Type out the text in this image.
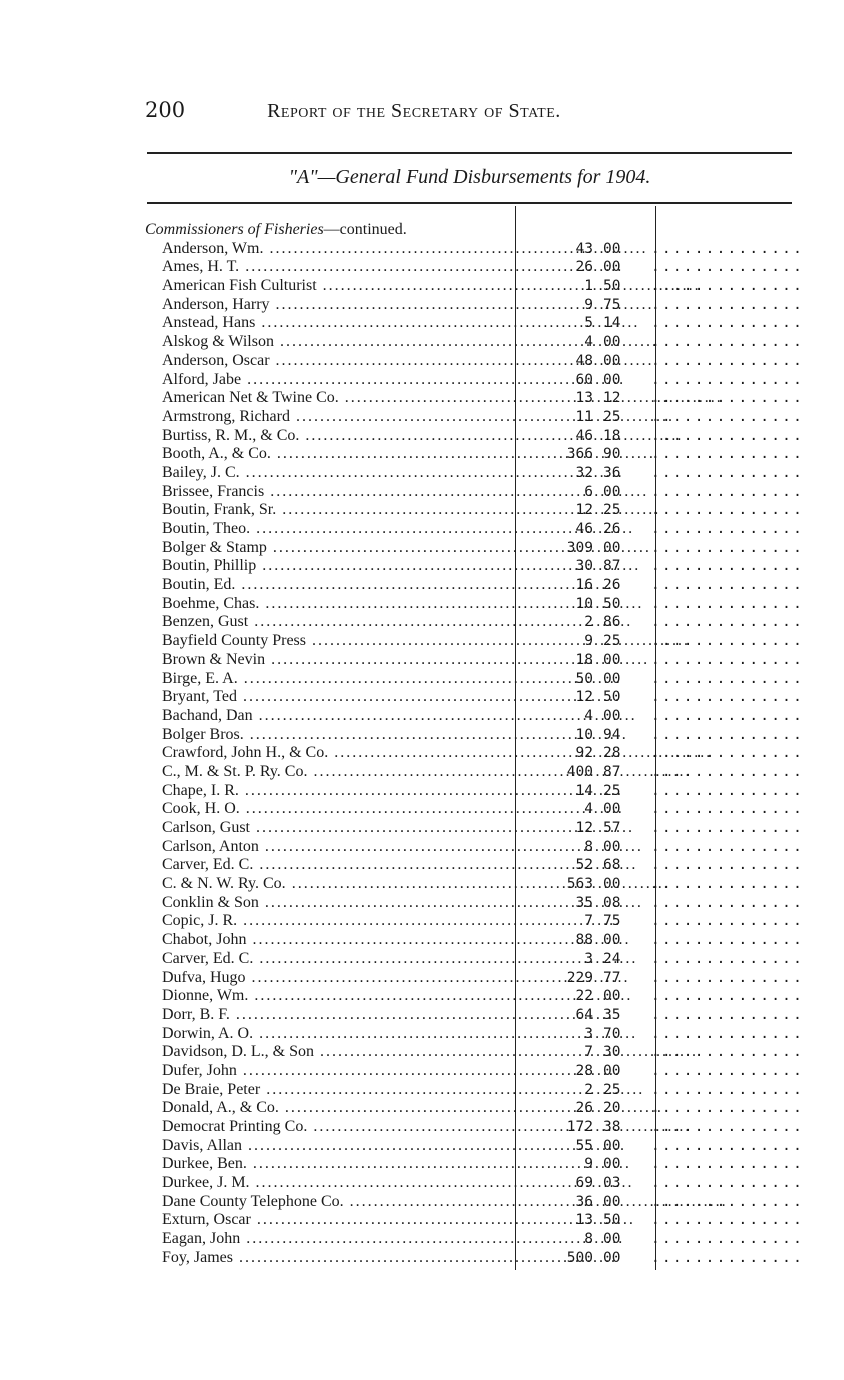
200	Report of the Secretary of State.
"A"—General Fund Disbursements for 1904.
Commissioners of Fisheries—continued.
Anderson, Wm. .....	43 00	..............
Ames, H. T. .....	26 00	..............
American Fish Culturist .....	1 50	..............
Anderson, Harry .....	9 75	..............
Anstead, Hans .....	5 14	..............
Alskog & Wilson .....	4 00	..............
Anderson, Oscar .....	48 00	..............
Alford, Jabe .....	60 00	..............
American Net & Twine Co. .....	13 12	..............
Armstrong, Richard .....	11 25	..............
Burtiss, R. M., & Co. .....	46 18	..............
Booth, A., & Co. .....	366 90	..............
Bailey, J. C. .....	32 36	..............
Brissee, Francis .....	6 00	..............
Boutin, Frank, Sr. .....	12 25	..............
Boutin, Theo. .....	46 26	..............
Bolger & Stamp .....	309 00	..............
Boutin, Phillip .....	30 87	..............
Boutin, Ed. .....	16 26	..............
Boehme, Chas. .....	10 50	..............
Benzen, Gust .....	2 86	..............
Bayfield County Press .....	9 25	..............
Brown & Nevin .....	18 00	..............
Birge, E. A. .....	50 00	..............
Bryant, Ted .....	12 50	..............
Bachand, Dan .....	4 00	..............
Bolger Bros. .....	10 94	..............
Crawford, John H., & Co. .....	92 28	..............
C., M. & St. P. Ry. Co. .....	400 87	..............
Chape, I. R. .....	14 25	..............
Cook, H. O. .....	4 00	..............
Carlson, Gust .....	12 57	..............
Carlson, Anton .....	8 00	..............
Carver, Ed. C. .....	52 68	..............
C. & N. W. Ry. Co. .....	563 00	..............
Conklin & Son .....	35 08	..............
Copic, J. R. .....	7 75	..............
Chabot, John .....	88 00	..............
Carver, Ed. C. .....	3 24	..............
Dufva, Hugo .....	229 77	..............
Dionne, Wm. .....	22 00	..............
Dorr, B. F. .....	64 35	..............
Dorwin, A. O. .....	3 70	..............
Davidson, D. L., & Son .....	7 30	..............
Dufer, John .....	28 00	..............
De Braie, Peter .....	2 25	..............
Donald, A., & Co. .....	26 20	..............
Democrat Printing Co. .....	172 38	..............
Davis, Allan .....	55 00	..............
Durkee, Ben. .....	9 00	..............
Durkee, J. M. .....	69 03	..............
Dane County Telephone Co. .....	36 00	..............
Exturn, Oscar .....	13 50	..............
Eagan, John .....	8 00	..............
Foy, James .....	500 00	..............
